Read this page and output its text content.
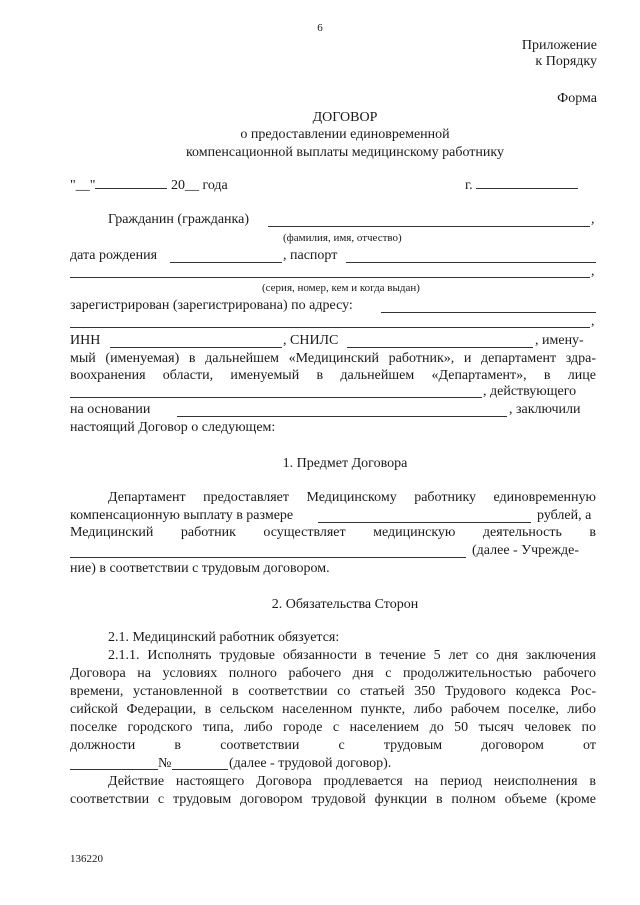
6
Приложение
к Порядку
Форма
ДОГОВОР
о предоставлении единовременной
компенсационной выплаты медицинскому работнику
"__"	20__ года	г.
Гражданин (гражданка)	,
(фамилия, имя, отчество)
дата рождения	, паспорт
,
(серия, номер, кем и когда выдан)
зарегистрирован (зарегистрирована) по адресу:
,
ИНН	, СНИЛС	, имену-
мый (именуемая) в дальнейшем «Медицинский работник», и департамент здра-
воохранения области, именуемый в дальнейшем «Департамент», в лице
, действующего
на основании	, заключили
настоящий Договор о следующем:
1. Предмет Договора
Департамент предоставляет Медицинскому работнику единовременную
компенсационную выплату в размере	рублей, а
Медицинский работник осуществляет медицинскую деятельность в
(далее - Учрежде-
ние) в соответствии с трудовым договором.
2. Обязательства Сторон
2.1. Медицинский работник обязуется:
2.1.1. Исполнять трудовые обязанности в течение 5 лет со дня заключения
Договора на условиях полного рабочего дня с продолжительностью рабочего
времени, установленной в соответствии со статьей 350 Трудового кодекса Рос-
сийской Федерации, в сельском населенном пункте, либо рабочем поселке, либо
поселке городского типа, либо городе с населением до 50 тысяч человек по
должности в соответствии с трудовым договором от
№	(далее - трудовой договор).
Действие настоящего Договора продлевается на период неисполнения в
соответствии с трудовым договором трудовой функции в полном объеме (кроме
136220
